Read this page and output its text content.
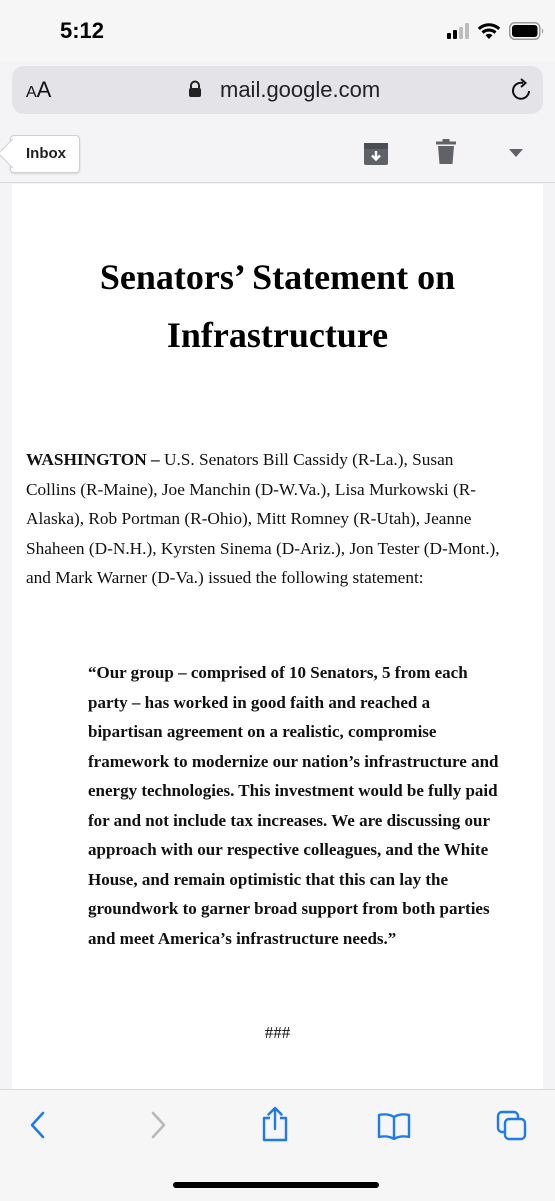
5:12
AA	mail.google.com
Inbox
Senators’ Statement on
Infrastructure
WASHINGTON – U.S. Senators Bill Cassidy (R-La.), Susan
Collins (R-Maine), Joe Manchin (D-W.Va.), Lisa Murkowski (R-
Alaska), Rob Portman (R-Ohio), Mitt Romney (R-Utah), Jeanne
Shaheen (D-N.H.), Kyrsten Sinema (D-Ariz.), Jon Tester (D-Mont.),
and Mark Warner (D-Va.) issued the following statement:
“Our group – comprised of 10 Senators, 5 from each
party – has worked in good faith and reached a
bipartisan agreement on a realistic, compromise
framework to modernize our nation’s infrastructure and
energy technologies. This investment would be fully paid
for and not include tax increases. We are discussing our
approach with our respective colleagues, and the White
House, and remain optimistic that this can lay the
groundwork to garner broad support from both parties
and meet America’s infrastructure needs.”
###
